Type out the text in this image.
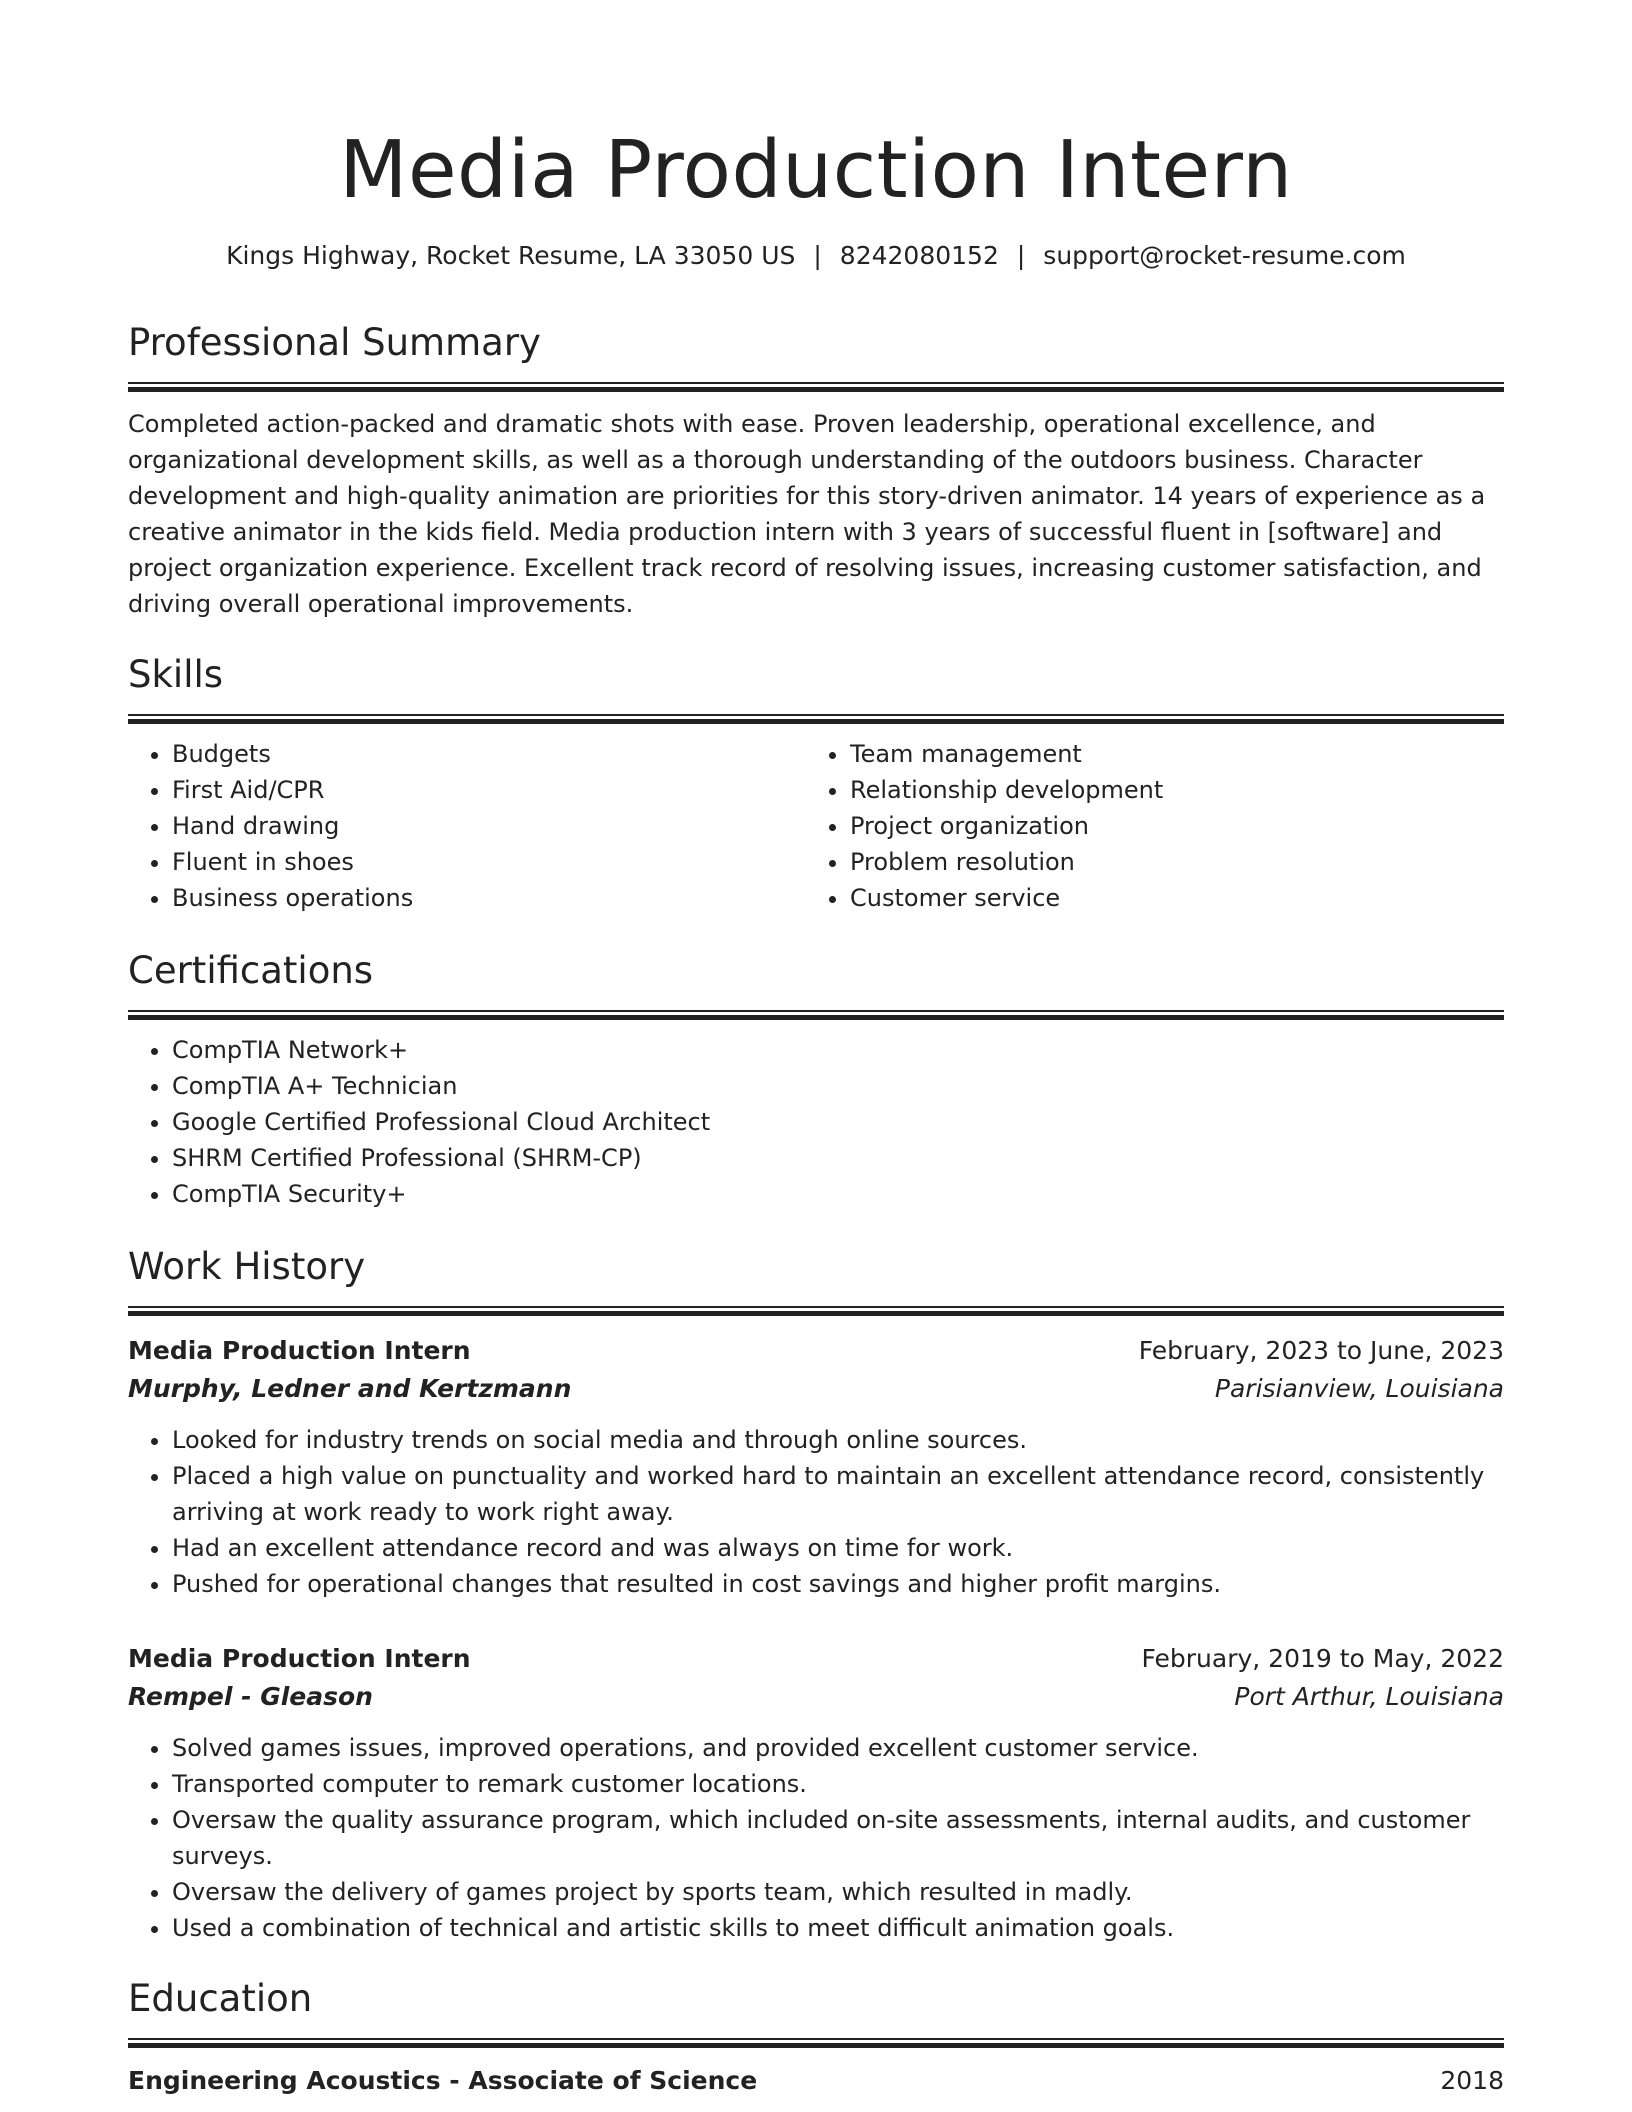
Media Production Intern
Kings Highway, Rocket Resume, LA 33050 US | 8242080152 | support@rocket-resume.com
Professional Summary

Completed action-packed and dramatic shots with ease. Proven leadership, operational excellence, and organizational development skills, as well as a thorough understanding of the outdoors business. Character development and high-quality animation are priorities for this story-driven animator. 14 years of experience as a creative animator in the kids field. Media production intern with 3 years of successful fluent in [software] and project organization experience. Excellent track record of resolving issues, increasing customer satisfaction, and driving overall operational improvements.

Skills
• Budgets
• First Aid/CPR
• Hand drawing
• Fluent in shoes
• Business operations
• Team management
• Relationship development
• Project organization
• Problem resolution
• Customer service
Certifications
• CompTIA Network+
• CompTIA A+ Technician
• Google Certified Professional Cloud Architect
• SHRM Certified Professional (SHRM-CP)
• CompTIA Security+
Work History
Media Production Intern	February, 2023 to June, 2023
Murphy, Ledner and Kertzmann	Parisianview, Louisiana
• Looked for industry trends on social media and through online sources.
• Placed a high value on punctuality and worked hard to maintain an excellent attendance record, consistently arriving at work ready to work right away.
• Had an excellent attendance record and was always on time for work.
• Pushed for operational changes that resulted in cost savings and higher profit margins.
Media Production Intern	February, 2019 to May, 2022
Rempel - Gleason	Port Arthur, Louisiana
• Solved games issues, improved operations, and provided excellent customer service.
• Transported computer to remark customer locations.
• Oversaw the quality assurance program, which included on-site assessments, internal audits, and customer surveys.
• Oversaw the delivery of games project by sports team, which resulted in madly.
• Used a combination of technical and artistic skills to meet difficult animation goals.
Education
Engineering Acoustics - Associate of Science	2018
